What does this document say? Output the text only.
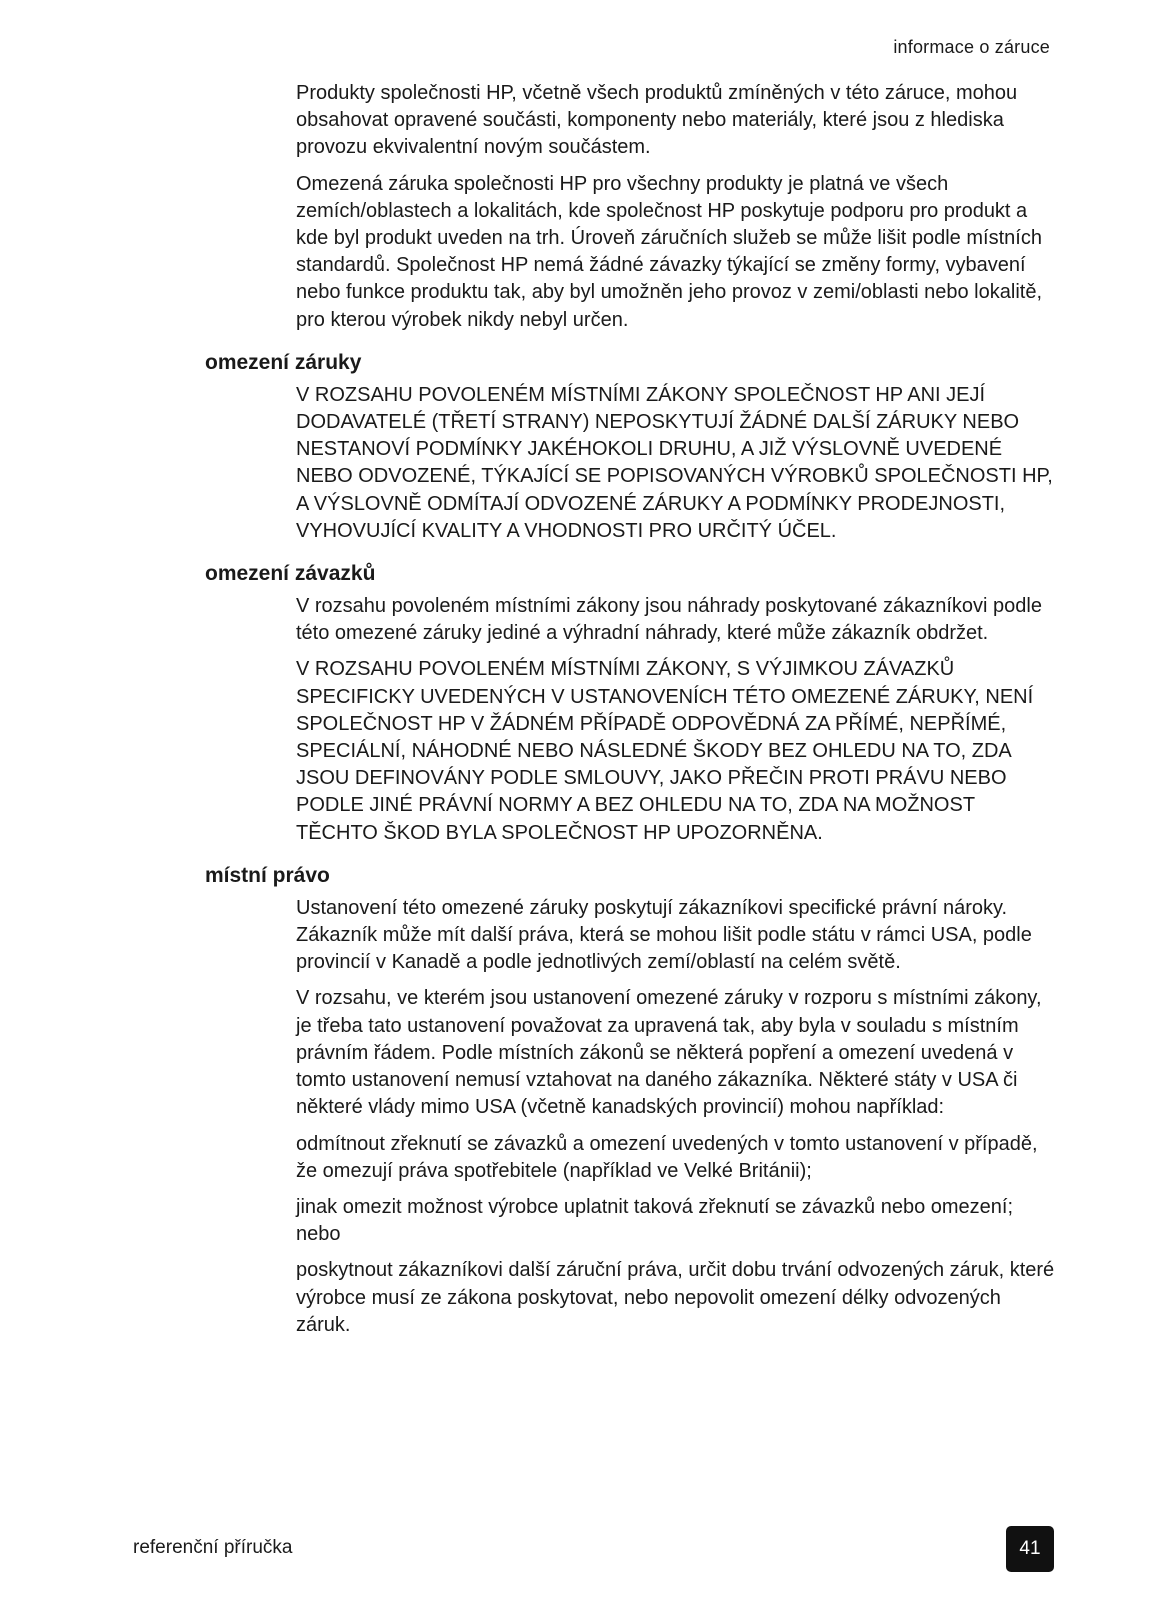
informace o záruce

Produkty společnosti HP, včetně všech produktů zmíněných v této záruce, mohou obsahovat opravené součásti, komponenty nebo materiály, které jsou z hlediska provozu ekvivalentní novým součástem.

Omezená záruka společnosti HP pro všechny produkty je platná ve všech zemích/oblastech a lokalitách, kde společnost HP poskytuje podporu pro produkt a kde byl produkt uveden na trh. Úroveň záručních služeb se může lišit podle místních standardů. Společnost HP nemá žádné závazky týkající se změny formy, vybavení nebo funkce produktu tak, aby byl umožněn jeho provoz v zemi/oblasti nebo lokalitě, pro kterou výrobek nikdy nebyl určen.

omezení záruky

V ROZSAHU POVOLENÉM MÍSTNÍMI ZÁKONY SPOLEČNOST HP ANI JEJÍ DODAVATELÉ (TŘETÍ STRANY) NEPOSKYTUJÍ ŽÁDNÉ DALŠÍ ZÁRUKY NEBO NESTANOVÍ PODMÍNKY JAKÉHOKOLI DRUHU, A JIŽ VÝSLOVNĚ UVEDENÉ NEBO ODVOZENÉ, TÝKAJÍCÍ SE POPISOVANÝCH VÝROBKŮ SPOLEČNOSTI HP, A VÝSLOVNĚ ODMÍTAJÍ ODVOZENÉ ZÁRUKY A PODMÍNKY PRODEJNOSTI, VYHOVUJÍCÍ KVALITY A VHODNOSTI PRO URČITÝ ÚČEL.

omezení závazků

V rozsahu povoleném místními zákony jsou náhrady poskytované zákazníkovi podle této omezené záruky jediné a výhradní náhrady, které může zákazník obdržet.

V ROZSAHU POVOLENÉM MÍSTNÍMI ZÁKONY, S VÝJIMKOU ZÁVAZKŮ SPECIFICKY UVEDENÝCH V USTANOVENÍCH TÉTO OMEZENÉ ZÁRUKY, NENÍ SPOLEČNOST HP V ŽÁDNÉM PŘÍPADĚ ODPOVĚDNÁ ZA PŘÍMÉ, NEPŘÍMÉ, SPECIÁLNÍ, NÁHODNÉ NEBO NÁSLEDNÉ ŠKODY BEZ OHLEDU NA TO, ZDA JSOU DEFINOVÁNY PODLE SMLOUVY, JAKO PŘEČIN PROTI PRÁVU NEBO PODLE JINÉ PRÁVNÍ NORMY A BEZ OHLEDU NA TO, ZDA NA MOŽNOST TĚCHTO ŠKOD BYLA SPOLEČNOST HP UPOZORNĚNA.

místní právo

Ustanovení této omezené záruky poskytují zákazníkovi specifické právní nároky. Zákazník může mít další práva, která se mohou lišit podle státu v rámci USA, podle provincií v Kanadě a podle jednotlivých zemí/oblastí na celém světě.

V rozsahu, ve kterém jsou ustanovení omezené záruky v rozporu s místními zákony, je třeba tato ustanovení považovat za upravená tak, aby byla v souladu s místním právním řádem. Podle místních zákonů se některá popření a omezení uvedená v tomto ustanovení nemusí vztahovat na daného zákazníka. Některé státy v USA či některé vlády mimo USA (včetně kanadských provincií) mohou například:

odmítnout zřeknutí se závazků a omezení uvedených v tomto ustanovení v případě, že omezují práva spotřebitele (například ve Velké Británii);

jinak omezit možnost výrobce uplatnit taková zřeknutí se závazků nebo omezení; nebo

poskytnout zákazníkovi další záruční práva, určit dobu trvání odvozených záruk, které výrobce musí ze zákona poskytovat, nebo nepovolit omezení délky odvozených záruk.

referenční příručka	41
